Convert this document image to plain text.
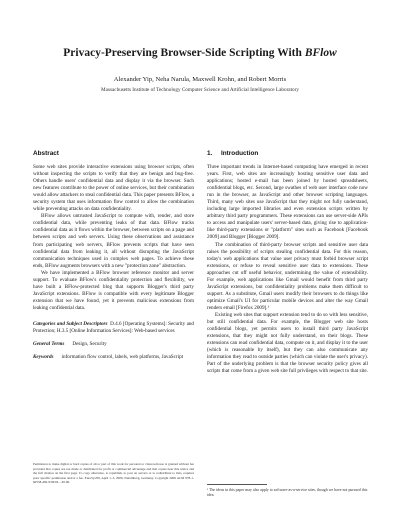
Privacy-Preserving Browser-Side Scripting With BFlow
Alexander Yip, Neha Narula, Maxwell Krohn, and Robert Morris
Massachusetts Institute of Technology Computer Science and Artificial Intelligence Laboratory
Abstract

Some web sites provide interactive extensions using browser scripts, often without inspecting the scripts to verify that they are benign and bug-free. Others handle users' confidential data and display it via the browser. Such new features contribute to the power of online services, but their combination would allow attackers to steal confidential data. This paper presents BFlow, a security system that uses information flow control to allow the combination while preventing attacks on data confidentiality.

BFlow allows untrusted JavaScript to compute with, render, and store confidential data, while preventing leaks of that data. BFlow tracks confidential data as it flows within the browser, between scripts on a page and between scripts and web servers. Using these observations and assistance from participating web servers, BFlow prevents scripts that have seen confidential data from leaking it, all without disrupting the JavaScript communication techniques used in complex web pages. To achieve these ends, BFlow augments browsers with a new "protection zone" abstraction.

We have implemented a BFlow browser reference monitor and server support. To evaluate BFlow's confidentiality protection and flexibility, we have built a BFlow-protected blog that supports Blogger's third party JavaScript extensions. BFlow is compatible with every legitimate Blogger extension that we have found, yet it prevents malicious extensions from leaking confidential data.

Categories and Subject Descriptors D.4.6 [Operating Systems]: Security and Protection; H.3.5 [Online Information Services]: Web-based services
General Terms Design, Security
Keywords information flow control, labels, web platforms, JavaScript
Permission to make digital or hard copies of all or part of this work for personal or classroom use is granted without fee provided that copies are not made or distributed for profit or commercial advantage and that copies bear this notice and the full citation on the first page. To copy otherwise, to republish, to post on servers or to redistribute to lists, requires prior specific permission and/or a fee. EuroSys'09, April 1–3, 2009, Nuremberg, Germany. Copyright 2009 ACM 978-1-60558-482-9/09/04 ...$5.00.
1. Introduction

Three important trends in Internet-based computing have emerged in recent years. First, web sites are increasingly hosting sensitive user data and applications; hosted e-mail has been joined by hosted spreadsheets, confidential blogs, etc. Second, large swathes of web user interface code now run in the browser, as JavaScript and other browser scripting languages. Third, many web sites use JavaScript that they might not fully understand, including large imported libraries and even extension scripts written by arbitrary third party programmers. These extensions can use server-side APIs to access and manipulate users' server-based data, giving rise to application-like third-party extensions or "platform" sites such as Facebook [Facebook 2009] and Blogger [Blogger 2009].

The combination of third-party browser scripts and sensitive user data raises the possibility of scripts stealing confidential data. For this reason, today's web applications that value user privacy must forbid browser script extensions, or refuse to reveal sensitive user data to extensions. These approaches cut off useful behavior, undermining the value of extensibility. For example, web applications like Gmail would benefit from third party JavaScript extensions, but confidentiality problems make them difficult to support. As a substitute, Gmail users modify their browsers to do things like optimize Gmail's UI for particular mobile devices and alter the way Gmail renders email [Firefox 2009].¹

Existing web sites that support extension tend to do so with less sensitive, but still confidential data. For example, the Blogger web site hosts confidential blogs, yet permits users to install third party JavaScript extensions, that they might not fully understand, on their blogs. These extensions can read confidential data, compute on it, and display it to the user (which is reasonable by itself), but they can also communicate any information they read to outside parties (which can violate the user's privacy). Part of the underlying problem is that the browser security policy gives all scripts that come from a given web site full privileges with respect to that site.

¹ The ideas in this paper may also apply to software-as-a-service sites, though we have not pursued this idea.
